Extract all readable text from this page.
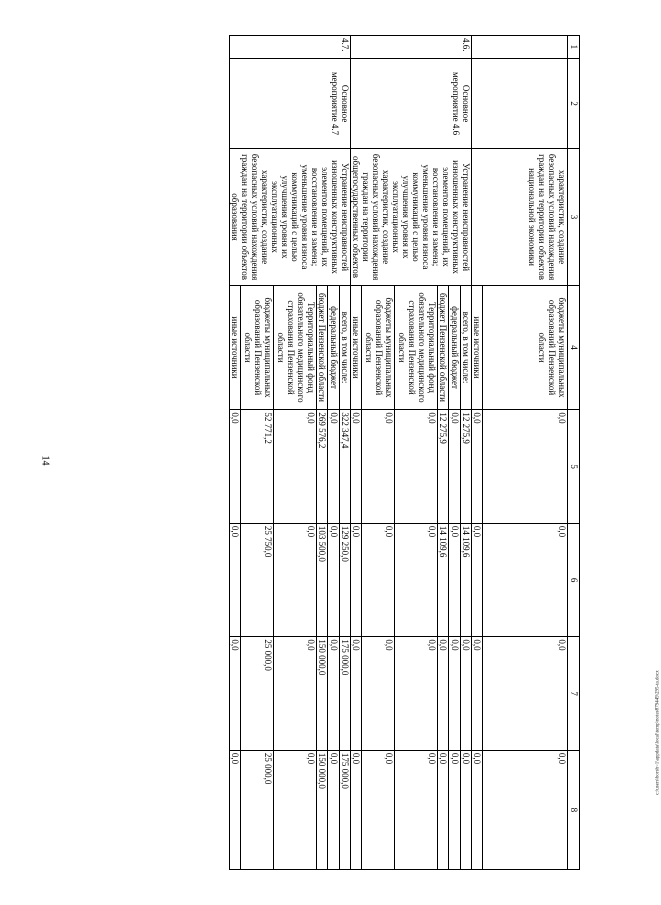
14
c:\users\borsh~1\appdata\local\temp\notes879449\295-ta.docx
1	2	3	4	5	6	7	8
		характеристик, создание безопасных условий нахождения граждан на территории объектов национальной экономики	бюджеты муниципальных образований Пензенской области	0,0	0,0	0,0	0,0
			иные источники	0,0	0,0	0,0	0,0
4.6.	Основное мероприятие 4.6	Устранение неисправностей изношенных конструктивных элементов помещений, их восстановление и замена; уменьшение уровня износа коммуникаций с целью улучшения уровня их эксплуатационных характеристик, создание безопасных условий нахождения граждан на территории общегосударственных объектов	всего, в том числе:	12 275,9	14 109,6	0,0	0,0
			федеральный бюджет	0,0	0,0	0,0	0,0
			бюджет Пензенской области	12 275,9	14 109,6	0,0	0,0
			Территориальный фонд обязательного медицинского страхования Пензенской области	0,0	0,0	0,0	0,0
			бюджеты муниципальных образований Пензенской области	0,0	0,0	0,0	0,0
			иные источники	0,0	0,0	0,0	0,0
4.7.	Основное мероприятие 4.7	Устранение неисправностей изношенных конструктивных элементов помещений, их восстановление и замена; уменьшение уровня износа коммуникаций с целью улучшения уровня их эксплуатационных характеристик, создание безопасных условий нахождения граждан на территории объектов образования	всего, в том числе:	322 347,4	129 250,0	175 000,0	175 000,0
			федеральный бюджет	0,0	0,0	0,0	0,0
			бюджет Пензенской области	269 576,2	103 500,0	150 000,0	150 000,0
			Территориальный фонд обязательного медицинского страхования Пензенской области	0,0	0,0	0,0	0,0
			бюджеты муниципальных образований Пензенской области	52 771,2	25 750,0	25 000,0	25 000,0
			иные источники	0,0	0,0	0,0	0,0
